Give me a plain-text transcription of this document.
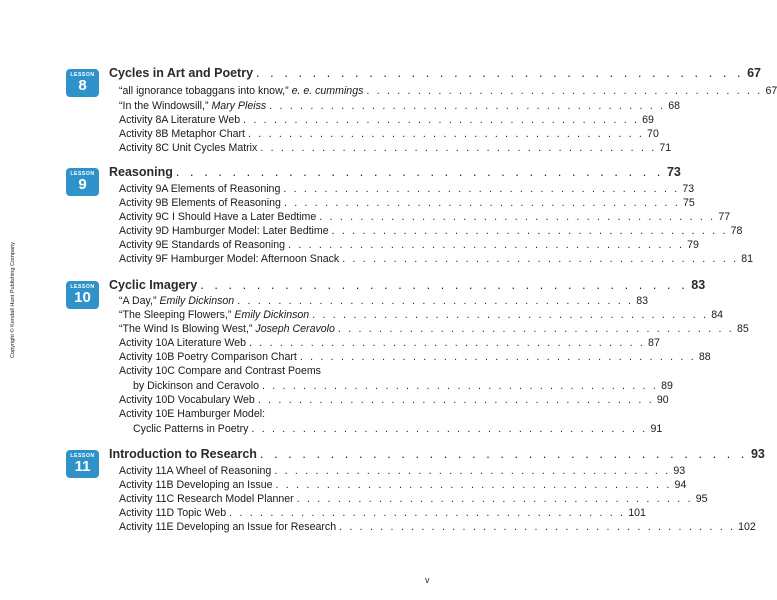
Copyright © Kendall Hunt Publishing Company
LESSON
8
Cycles in Art and Poetry . . . . . . . . . . . . . . . . . . . . . . . . . . . . . . . . . . . 67
“all ignorance tobaggans into know,” e. e. cummings . . . . . . . . . . . . . . . . . . . . . . . . . . . . . . . . . . . . . . . 67
“In the Windowsill,” Mary Pleiss . . . . . . . . . . . . . . . . . . . . . . . . . . . . . . . . . . . . . . . 68
Activity 8A Literature Web . . . . . . . . . . . . . . . . . . . . . . . . . . . . . . . . . . . . . . . 69
Activity 8B Metaphor Chart . . . . . . . . . . . . . . . . . . . . . . . . . . . . . . . . . . . . . . . 70
Activity 8C Unit Cycles Matrix . . . . . . . . . . . . . . . . . . . . . . . . . . . . . . . . . . . . . . . 71
LESSON
9
Reasoning . . . . . . . . . . . . . . . . . . . . . . . . . . . . . . . . . . . 73
Activity 9A Elements of Reasoning . . . . . . . . . . . . . . . . . . . . . . . . . . . . . . . . . . . . . . . 73
Activity 9B Elements of Reasoning . . . . . . . . . . . . . . . . . . . . . . . . . . . . . . . . . . . . . . . 75
Activity 9C I Should Have a Later Bedtime . . . . . . . . . . . . . . . . . . . . . . . . . . . . . . . . . . . . . . . 77
Activity 9D Hamburger Model: Later Bedtime . . . . . . . . . . . . . . . . . . . . . . . . . . . . . . . . . . . . . . . 78
Activity 9E Standards of Reasoning . . . . . . . . . . . . . . . . . . . . . . . . . . . . . . . . . . . . . . . 79
Activity 9F Hamburger Model: Afternoon Snack . . . . . . . . . . . . . . . . . . . . . . . . . . . . . . . . . . . . . . . 81
LESSON
10
Cyclic Imagery . . . . . . . . . . . . . . . . . . . . . . . . . . . . . . . . . . . 83
“A Day,” Emily Dickinson . . . . . . . . . . . . . . . . . . . . . . . . . . . . . . . . . . . . . . . 83
“The Sleeping Flowers,” Emily Dickinson . . . . . . . . . . . . . . . . . . . . . . . . . . . . . . . . . . . . . . . 84
“The Wind Is Blowing West,” Joseph Ceravolo . . . . . . . . . . . . . . . . . . . . . . . . . . . . . . . . . . . . . . . 85
Activity 10A Literature Web . . . . . . . . . . . . . . . . . . . . . . . . . . . . . . . . . . . . . . . 87
Activity 10B Poetry Comparison Chart . . . . . . . . . . . . . . . . . . . . . . . . . . . . . . . . . . . . . . . 88
Activity 10C Compare and Contrast Poems
by Dickinson and Ceravolo . . . . . . . . . . . . . . . . . . . . . . . . . . . . . . . . . . . . . . . 89
Activity 10D Vocabulary Web . . . . . . . . . . . . . . . . . . . . . . . . . . . . . . . . . . . . . . . 90
Activity 10E Hamburger Model:
Cyclic Patterns in Poetry . . . . . . . . . . . . . . . . . . . . . . . . . . . . . . . . . . . . . . . 91
LESSON
11
Introduction to Research . . . . . . . . . . . . . . . . . . . . . . . . . . . . . . . . . . . 93
Activity 11A Wheel of Reasoning . . . . . . . . . . . . . . . . . . . . . . . . . . . . . . . . . . . . . . . 93
Activity 11B Developing an Issue . . . . . . . . . . . . . . . . . . . . . . . . . . . . . . . . . . . . . . . 94
Activity 11C Research Model Planner . . . . . . . . . . . . . . . . . . . . . . . . . . . . . . . . . . . . . . . 95
Activity 11D Topic Web . . . . . . . . . . . . . . . . . . . . . . . . . . . . . . . . . . . . . . . 101
Activity 11E Developing an Issue for Research . . . . . . . . . . . . . . . . . . . . . . . . . . . . . . . . . . . . . . . 102
v
